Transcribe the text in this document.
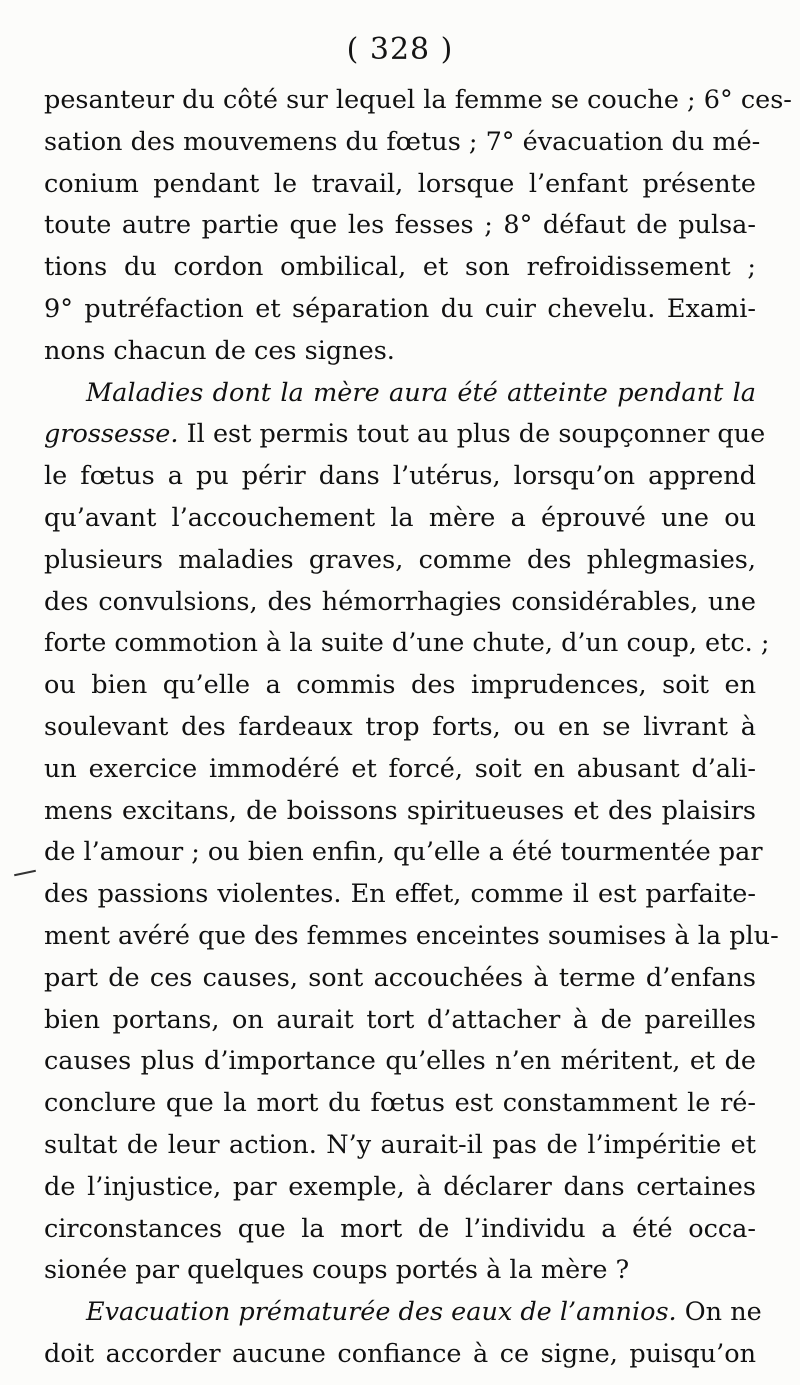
( 328 )
pesanteur du côté sur lequel la femme se couche ; 6° ces-
sation des mouvemens du fœtus ; 7° évacuation du mé-
conium pendant le travail, lorsque l’enfant présente
toute autre partie que les fesses ; 8° défaut de pulsa-
tions du cordon ombilical, et son refroidissement ;
9° putréfaction et séparation du cuir chevelu. Exami-
nons chacun de ces signes.
Maladies dont la mère aura été atteinte pendant la
grossesse. Il est permis tout au plus de soupçonner que
le fœtus a pu périr dans l’utérus, lorsqu’on apprend
qu’avant l’accouchement la mère a éprouvé une ou
plusieurs maladies graves, comme des phlegmasies,
des convulsions, des hémorrhagies considérables, une
forte commotion à la suite d’une chute, d’un coup, etc. ;
ou bien qu’elle a commis des imprudences, soit en
soulevant des fardeaux trop forts, ou en se livrant à
un exercice immodéré et forcé, soit en abusant d’ali-
mens excitans, de boissons spiritueuses et des plaisirs
de l’amour ; ou bien enfin, qu’elle a été tourmentée par
des passions violentes. En effet, comme il est parfaite-
ment avéré que des femmes enceintes soumises à la plu-
part de ces causes, sont accouchées à terme d’enfans
bien portans, on aurait tort d’attacher à de pareilles
causes plus d’importance qu’elles n’en méritent, et de
conclure que la mort du fœtus est constamment le ré-
sultat de leur action. N’y aurait-il pas de l’impéritie et
de l’injustice, par exemple, à déclarer dans certaines
circonstances que la mort de l’individu a été occa-
sionée par quelques coups portés à la mère ?
Evacuation prématurée des eaux de l’amnios. On ne
doit accorder aucune confiance à ce signe, puisqu’on
